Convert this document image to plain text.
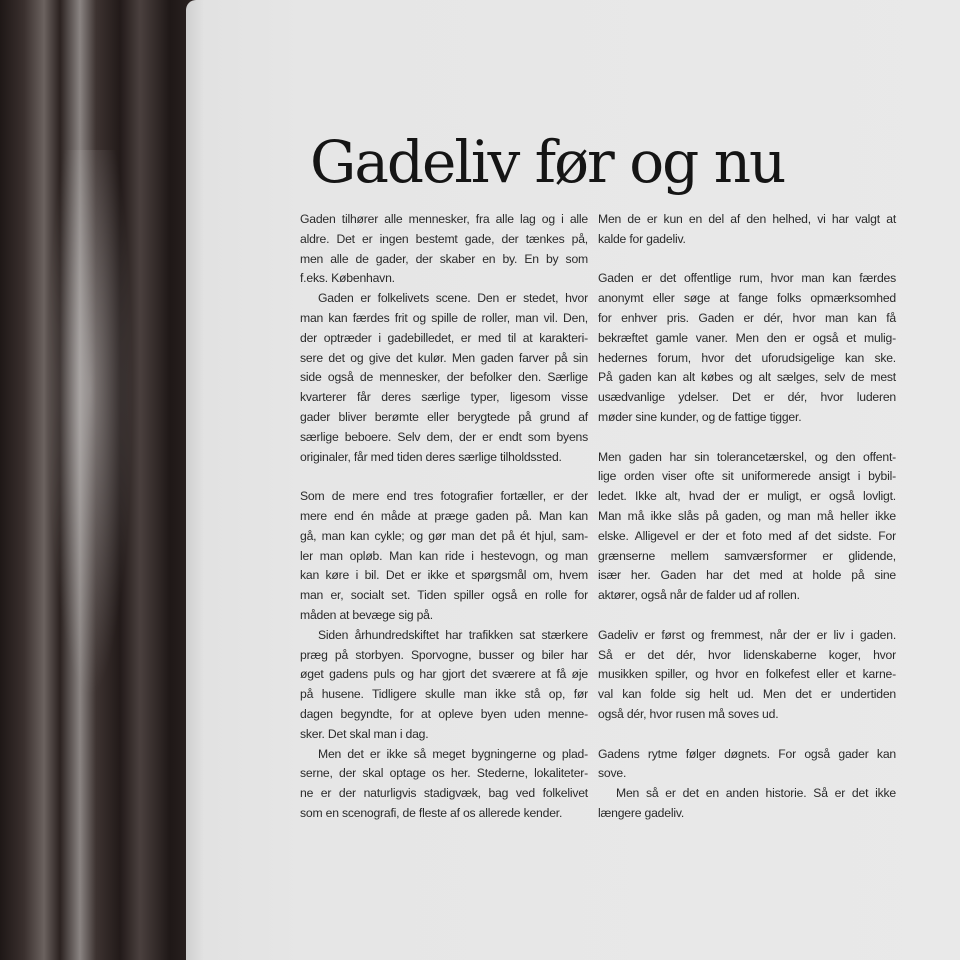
Gadeliv før og nu
Gaden tilhører alle mennesker, fra alle lag og i alle
aldre. Det er ingen bestemt gade, der tænkes på,
men alle de gader, der skaber en by. En by som
f.eks. København.
Gaden er folkelivets scene. Den er stedet, hvor
man kan færdes frit og spille de roller, man vil. Den,
der optræder i gadebilledet, er med til at karakteri-
sere det og give det kulør. Men gaden farver på sin
side også de mennesker, der befolker den. Særlige
kvarterer får deres særlige typer, ligesom visse
gader bliver berømte eller berygtede på grund af
særlige beboere. Selv dem, der er endt som byens
originaler, får med tiden deres særlige tilholdssted.
Som de mere end tres fotografier fortæller, er der
mere end én måde at præge gaden på. Man kan
gå, man kan cykle; og gør man det på ét hjul, sam-
ler man opløb. Man kan ride i hestevogn, og man
kan køre i bil. Det er ikke et spørgsmål om, hvem
man er, socialt set. Tiden spiller også en rolle for
måden at bevæge sig på.
Siden århundredskiftet har trafikken sat stærkere
præg på storbyen. Sporvogne, busser og biler har
øget gadens puls og har gjort det sværere at få øje
på husene. Tidligere skulle man ikke stå op, før
dagen begyndte, for at opleve byen uden menne-
sker. Det skal man i dag.
Men det er ikke så meget bygningerne og plad-
serne, der skal optage os her. Stederne, lokaliteter-
ne er der naturligvis stadigvæk, bag ved folkelivet
som en scenografi, de fleste af os allerede kender.
Men de er kun en del af den helhed, vi har valgt at
kalde for gadeliv.
Gaden er det offentlige rum, hvor man kan færdes
anonymt eller søge at fange folks opmærksomhed
for enhver pris. Gaden er dér, hvor man kan få
bekræftet gamle vaner. Men den er også et mulig-
hedernes forum, hvor det uforudsigelige kan ske.
På gaden kan alt købes og alt sælges, selv de mest
usædvanlige ydelser. Det er dér, hvor luderen
møder sine kunder, og de fattige tigger.
Men gaden har sin tolerancetærskel, og den offent-
lige orden viser ofte sit uniformerede ansigt i bybil-
ledet. Ikke alt, hvad der er muligt, er også lovligt.
Man må ikke slås på gaden, og man må heller ikke
elske. Alligevel er der et foto med af det sidste. For
grænserne mellem samværsformer er glidende,
især her. Gaden har det med at holde på sine
aktører, også når de falder ud af rollen.
Gadeliv er først og fremmest, når der er liv i gaden.
Så er det dér, hvor lidenskaberne koger, hvor
musikken spiller, og hvor en folkefest eller et karne-
val kan folde sig helt ud. Men det er undertiden
også dér, hvor rusen må soves ud.
Gadens rytme følger døgnets. For også gader kan
sove.
Men så er det en anden historie. Så er det ikke
længere gadeliv.
